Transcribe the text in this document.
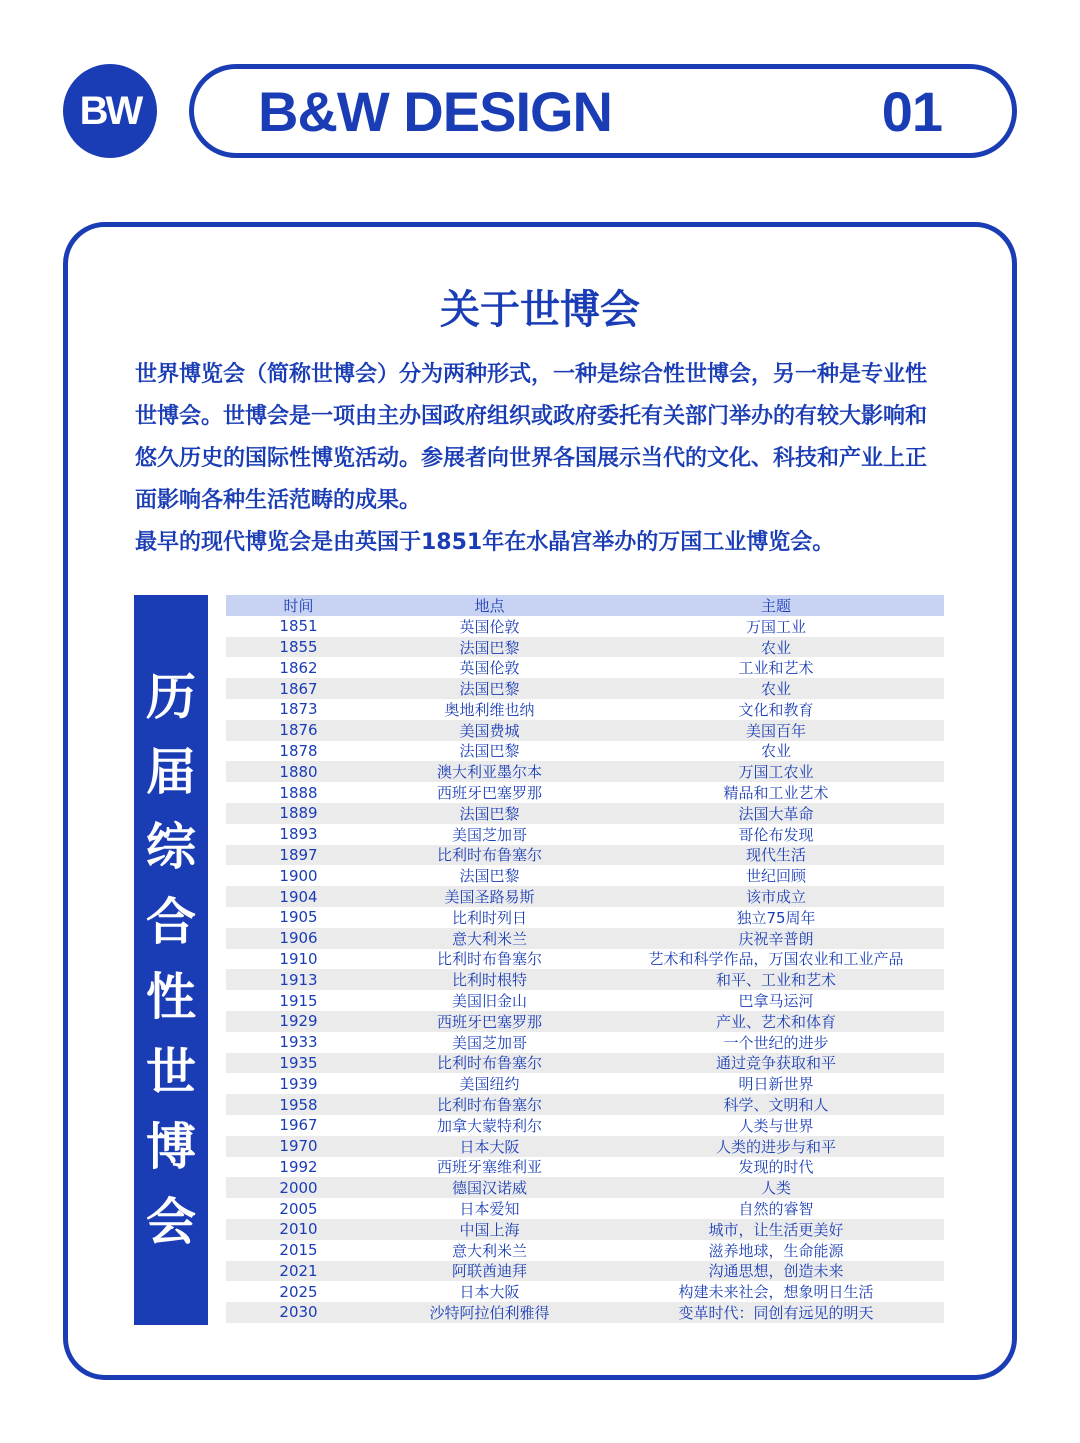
BW B&W DESIGN	01
关于世博会

世界博览会（简称世博会）分为两种形式，一种是综合性世博会，另一种是专业性世博会。世博会是一项由主办国政府组织或政府委托有关部门举办的有较大影响和悠久历史的国际性博览活动。参展者向世界各国展示当代的文化、科技和产业上正面影响各种生活范畴的成果。

最早的现代博览会是由英国于1851年在水晶宫举办的万国工业博览会。

历
届
综
合
性
世
博
会
时间	地点	主题
1851	英国伦敦	万国工业
1855	法国巴黎	农业
1862	英国伦敦	工业和艺术
1867	法国巴黎	农业
1873	奥地利维也纳	文化和教育
1876	美国费城	美国百年
1878	法国巴黎	农业
1880	澳大利亚墨尔本	万国工农业
1888	西班牙巴塞罗那	精品和工业艺术
1889	法国巴黎	法国大革命
1893	美国芝加哥	哥伦布发现
1897	比利时布鲁塞尔	现代生活
1900	法国巴黎	世纪回顾
1904	美国圣路易斯	该市成立
1905	比利时列日	独立75周年
1906	意大利米兰	庆祝辛普朗
1910	比利时布鲁塞尔	艺术和科学作品，万国农业和工业产品
1913	比利时根特	和平、工业和艺术
1915	美国旧金山	巴拿马运河
1929	西班牙巴塞罗那	产业、艺术和体育
1933	美国芝加哥	一个世纪的进步
1935	比利时布鲁塞尔	通过竞争获取和平
1939	美国纽约	明日新世界
1958	比利时布鲁塞尔	科学、文明和人
1967	加拿大蒙特利尔	人类与世界
1970	日本大阪	人类的进步与和平
1992	西班牙塞维利亚	发现的时代
2000	德国汉诺威	人类
2005	日本爱知	自然的睿智
2010	中国上海	城市，让生活更美好
2015	意大利米兰	滋养地球，生命能源
2021	阿联酋迪拜	沟通思想，创造未来
2025	日本大阪	构建未来社会，想象明日生活
2030	沙特阿拉伯利雅得	变革时代：同创有远见的明天
